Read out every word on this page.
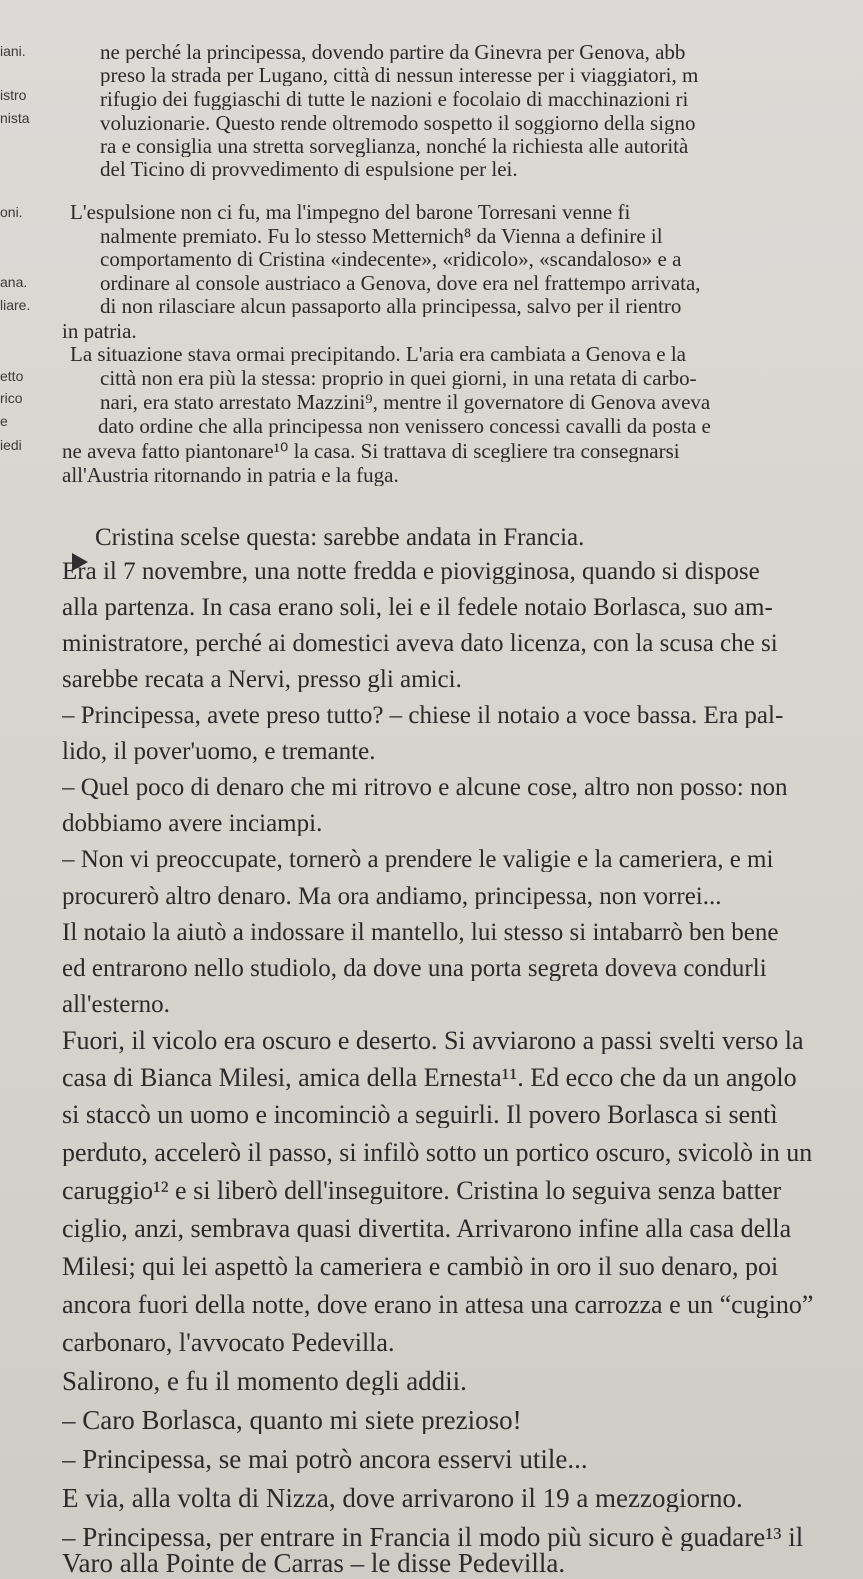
iani.
istro
nista
oni.
ana.
liare.
etto
rico
e
iedi
ne perché la principessa, dovendo partire da Ginevra per Genova, abb
preso la strada per Lugano, città di nessun interesse per i viaggiatori, m
rifugio dei fuggiaschi di tutte le nazioni e focolaio di macchinazioni ri
voluzionarie. Questo rende oltremodo sospetto il soggiorno della signo
ra e consiglia una stretta sorveglianza, nonché la richiesta alle autorità
del Ticino di provvedimento di espulsione per lei.
L'espulsione non ci fu, ma l'impegno del barone Torresani venne fi
nalmente premiato. Fu lo stesso Metternich⁸ da Vienna a definire il
comportamento di Cristina «indecente», «ridicolo», «scandaloso» e a
ordinare al console austriaco a Genova, dove era nel frattempo arrivata,
di non rilasciare alcun passaporto alla principessa, salvo per il rientro
in patria.
La situazione stava ormai precipitando. L'aria era cambiata a Genova e la
città non era più la stessa: proprio in quei giorni, in una retata di carbo-
nari, era stato arrestato Mazzini⁹, mentre il governatore di Genova aveva
dato ordine che alla principessa non venissero concessi cavalli da posta e
ne aveva fatto piantonare¹⁰ la casa. Si trattava di scegliere tra consegnarsi
all'Austria ritornando in patria e la fuga.
Cristina scelse questa: sarebbe andata in Francia.
Era il 7 novembre, una notte fredda e piovigginosa, quando si dispose
alla partenza. In casa erano soli, lei e il fedele notaio Borlasca, suo am-
ministratore, perché ai domestici aveva dato licenza, con la scusa che si
sarebbe recata a Nervi, presso gli amici.
– Principessa, avete preso tutto? – chiese il notaio a voce bassa. Era pal-
lido, il pover'uomo, e tremante.
– Quel poco di denaro che mi ritrovo e alcune cose, altro non posso: non
dobbiamo avere inciampi.
– Non vi preoccupate, tornerò a prendere le valigie e la cameriera, e mi
procurerò altro denaro. Ma ora andiamo, principessa, non vorrei...
Il notaio la aiutò a indossare il mantello, lui stesso si intabarrò ben bene
ed entrarono nello studiolo, da dove una porta segreta doveva condurli
all'esterno.
Fuori, il vicolo era oscuro e deserto. Si avviarono a passi svelti verso la
casa di Bianca Milesi, amica della Ernesta¹¹. Ed ecco che da un angolo
si staccò un uomo e incominciò a seguirli. Il povero Borlasca si sentì
perduto, accelerò il passo, si infilò sotto un portico oscuro, svicolò in un
caruggio¹² e si liberò dell'inseguitore. Cristina lo seguiva senza batter
ciglio, anzi, sembrava quasi divertita. Arrivarono infine alla casa della
Milesi; qui lei aspettò la cameriera e cambiò in oro il suo denaro, poi
ancora fuori della notte, dove erano in attesa una carrozza e un “cugino”
carbonaro, l'avvocato Pedevilla.
Salirono, e fu il momento degli addii.
– Caro Borlasca, quanto mi siete prezioso!
– Principessa, se mai potrò ancora esservi utile...
E via, alla volta di Nizza, dove arrivarono il 19 a mezzogiorno.
– Principessa, per entrare in Francia il modo più sicuro è guadare¹³ il
Varo alla Pointe de Carras – le disse Pedevilla.
